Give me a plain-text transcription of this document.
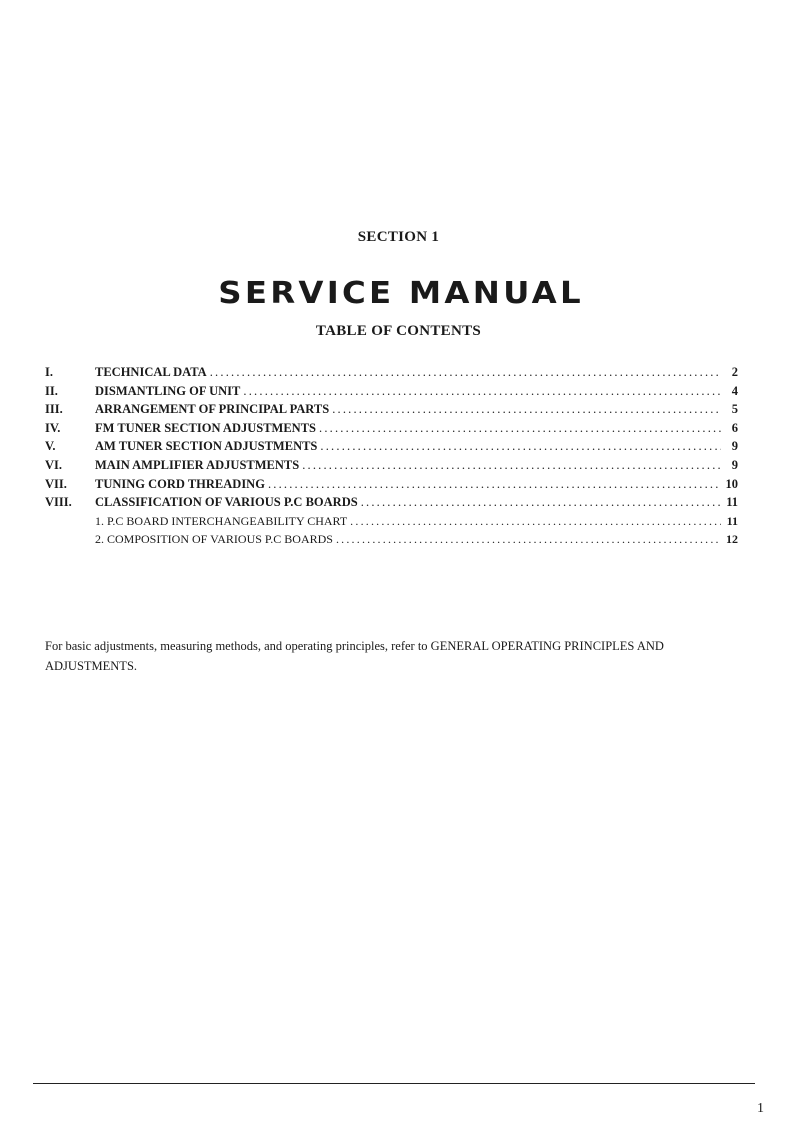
SECTION 1
SERVICE MANUAL
TABLE OF CONTENTS
I.	TECHNICAL DATA .....	2
II.	DISMANTLING OF UNIT .....	4
III.	ARRANGEMENT OF PRINCIPAL PARTS .....	5
IV.	FM TUNER SECTION ADJUSTMENTS .....	6
V.	AM TUNER SECTION ADJUSTMENTS .....	9
VI.	MAIN AMPLIFIER ADJUSTMENTS .....	9
VII.	TUNING CORD THREADING .....	10
VIII.	CLASSIFICATION OF VARIOUS P.C BOARDS .....	11
1. P.C BOARD INTERCHANGEABILITY CHART .....	11
2. COMPOSITION OF VARIOUS P.C BOARDS .....	12

For basic adjustments, measuring methods, and operating principles, refer to GENERAL OPERATING PRINCIPLES AND ADJUSTMENTS.

1
